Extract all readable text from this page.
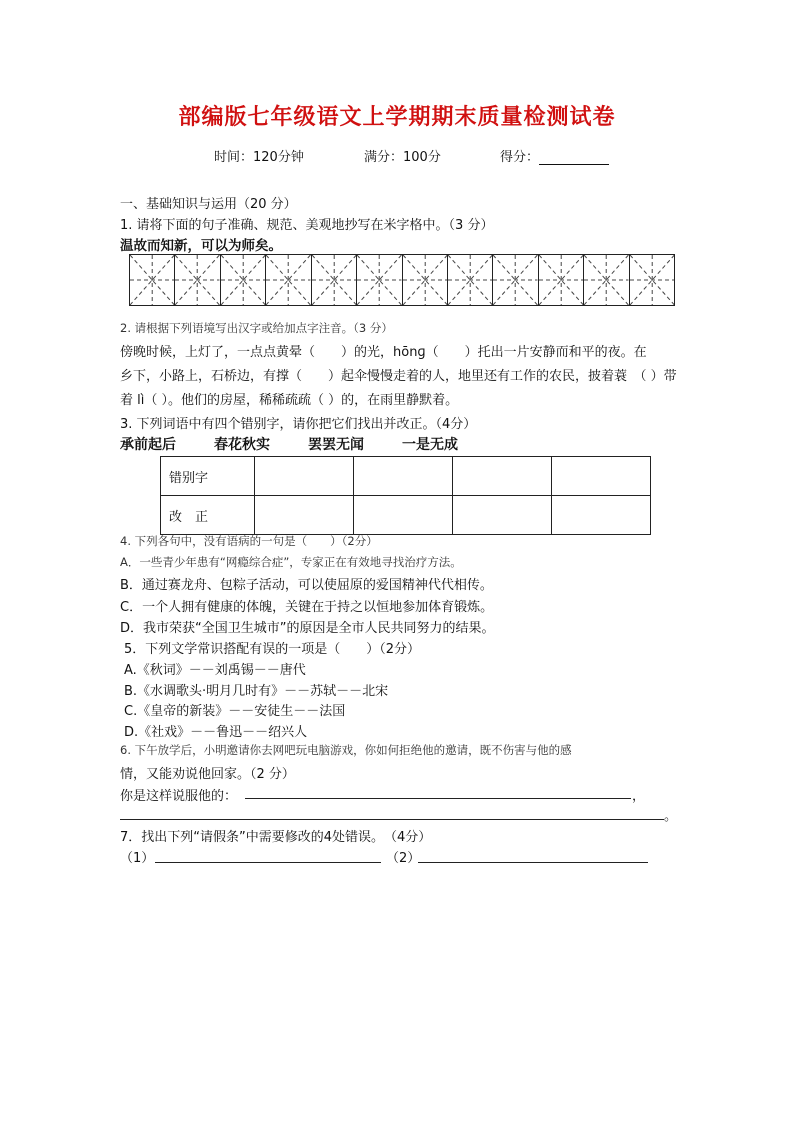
部编版七年级语文上学期期末质量检测试卷
时间：120分钟	满分：100分	得分：
一、基础知识与运用（20 分）
1. 请将下面的句子准确、规范、美观地抄写在米字格中。（3 分）
温故而知新，可以为师矣。
2. 请根据下列语境写出汉字或给加点字注音。（3 分）
傍晚时候，上灯了，一点点黄晕（　　）的光，hōnɡ（　　）托出一片安静而和平的夜。在
乡下，小路上，石桥边，有撑（　　）起伞慢慢走着的人，地里还有工作的农民，披着蓑　（ ）带
着 lì（ ）。他们的房屋，稀稀疏疏（ ）的，在雨里静默着。
3. 下列词语中有四个错别字，请你把它们找出并改正。（4分）
承前起后	春花秋实	罢罢无闻	一是无成
错别字				
改　正				
4. 下列各句中，没有语病的一句是（　　）（2分）
A．一些青少年患有“网瘾综合症”，专家正在有效地寻找治疗方法。
B．通过赛龙舟、包粽子活动，可以使屈原的爱国精神代代相传。
C．一个人拥有健康的体魄，关键在于持之以恒地参加体育锻炼。
D．我市荣获“全国卫生城市”的原因是全市人民共同努力的结果。
5．下列文学常识搭配有误的一项是（　　）（2分）
A.《秋词》－－刘禹锡－－唐代
B.《水调歌头·明月几时有》－－苏轼－－北宋
C.《皇帝的新装》－－安徒生－－法国
D.《社戏》－－鲁迅－－绍兴人
6. 下午放学后，小明邀请你去网吧玩电脑游戏，你如何拒绝他的邀请，既不伤害与他的感
情，又能劝说他回家。（2 分）
你是这样说服他的：	，
。
7．找出下列“请假条”中需要修改的4处错误。　（4分）
（1）	（2）
